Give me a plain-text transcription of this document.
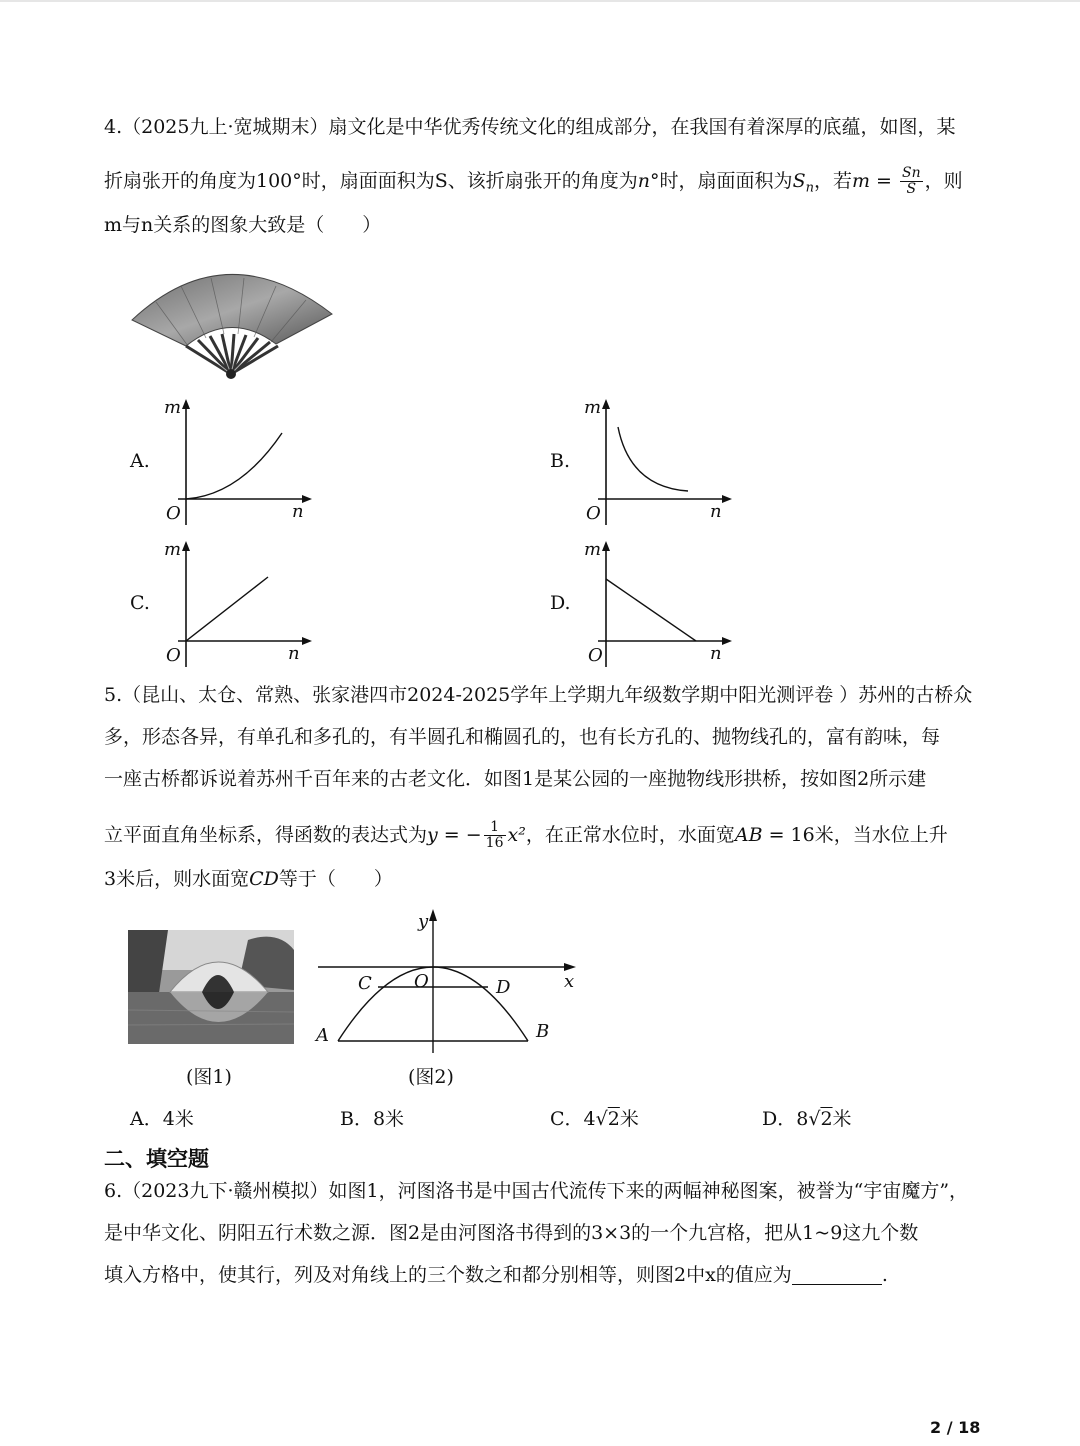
4.（2025九上·宽城期末）扇文化是中华优秀传统文化的组成部分，在我国有着深厚的底蕴，如图，某
折扇张开的角度为100°时，扇面面积为S、该折扇张开的角度为n°时，扇面面积为$S_n$，若$m = \frac{Sn}{S}$ ，则
m与n关系的图象大致是（　　）
A.	B.
C.	D.
m
n
O
m
n
O
m
n
O
m
n
O
5.（昆山、太仓、常熟、张家港四市2024-2025学年上学期九年级数学期中阳光测评卷 ）苏州的古桥众
多，形态各异，有单孔和多孔的，有半圆孔和椭圆孔的，也有长方孔的、抛物线孔的，富有韵味，每
一座古桥都诉说着苏州千百年来的古老文化．如图1是某公园的一座抛物线形拱桥，按如图2所示建
立平面直角坐标系，得函数的表达式为y = − $\frac{1}{16} x^2$，在正常水位时，水面宽AB = 16米，当水位上升
3米后，则水面宽CD等于（　　）
(图1)
y
x
O
C	D
A	B
(图2)
A．4米	B．8米	C．4√2米	D．8√2米
二、填空题
6.（2023九下·赣州模拟）如图1，河图洛书是中国古代流传下来的两幅神秘图案，被誉为“宇宙魔方”，
是中华文化、阴阳五行术数之源．图2是由河图洛书得到的3×3的一个九宫格，把从1~9这九个数
填入方格中，使其行，列及对角线上的三个数之和都分别相等，则图2中x的值应为	.
2 / 18
